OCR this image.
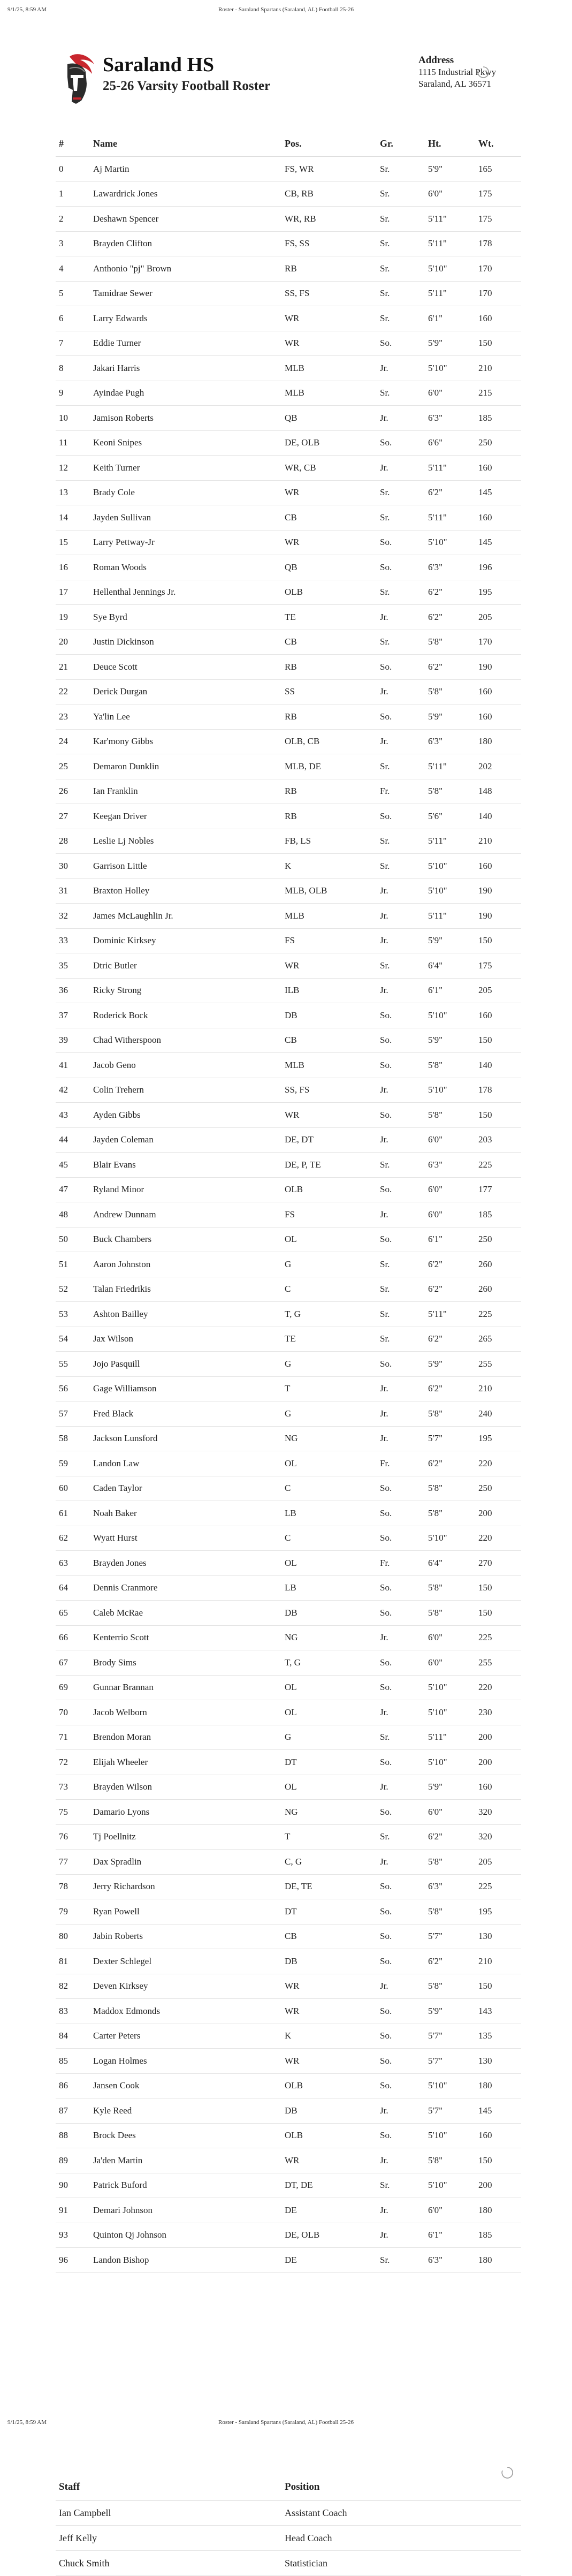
9/1/25, 8:59 AM	Roster - Saraland Spartans (Saraland, AL) Football 25-26
Saraland HS
25-26 Varsity Football Roster
Address
1115 Industrial Pkwy
Saraland, AL 36571
#	Name	Pos.	Gr.	Ht.	Wt.
0	Aj Martin	FS, WR	Sr.	5'9"	165
1	Lawardrick Jones	CB, RB	Sr.	6'0"	175
2	Deshawn Spencer	WR, RB	Sr.	5'11"	175
3	Brayden Clifton	FS, SS	Sr.	5'11"	178
4	Anthonio "pj" Brown	RB	Sr.	5'10"	170
5	Tamidrae Sewer	SS, FS	Sr.	5'11"	170
6	Larry Edwards	WR	Sr.	6'1"	160
7	Eddie Turner	WR	So.	5'9"	150
8	Jakari Harris	MLB	Jr.	5'10"	210
9	Ayindae Pugh	MLB	Sr.	6'0"	215
10	Jamison Roberts	QB	Jr.	6'3"	185
11	Keoni Snipes	DE, OLB	So.	6'6"	250
12	Keith Turner	WR, CB	Jr.	5'11"	160
13	Brady Cole	WR	Sr.	6'2"	145
14	Jayden Sullivan	CB	Sr.	5'11"	160
15	Larry Pettway-Jr	WR	So.	5'10"	145
16	Roman Woods	QB	So.	6'3"	196
17	Hellenthal Jennings Jr.	OLB	Sr.	6'2"	195
19	Sye Byrd	TE	Jr.	6'2"	205
20	Justin Dickinson	CB	Sr.	5'8"	170
21	Deuce Scott	RB	So.	6'2"	190
22	Derick Durgan	SS	Jr.	5'8"	160
23	Ya'lin Lee	RB	So.	5'9"	160
24	Kar'mony Gibbs	OLB, CB	Jr.	6'3"	180
25	Demaron Dunklin	MLB, DE	Sr.	5'11"	202
26	Ian Franklin	RB	Fr.	5'8"	148
27	Keegan Driver	RB	So.	5'6"	140
28	Leslie Lj Nobles	FB, LS	Sr.	5'11"	210
30	Garrison Little	K	Sr.	5'10"	160
31	Braxton Holley	MLB, OLB	Jr.	5'10"	190
32	James McLaughlin Jr.	MLB	Jr.	5'11"	190
33	Dominic Kirksey	FS	Jr.	5'9"	150
35	Dtric Butler	WR	Sr.	6'4"	175
36	Ricky Strong	ILB	Jr.	6'1"	205
37	Roderick Bock	DB	So.	5'10"	160
39	Chad Witherspoon	CB	So.	5'9"	150
41	Jacob Geno	MLB	So.	5'8"	140
42	Colin Trehern	SS, FS	Jr.	5'10"	178
43	Ayden Gibbs	WR	So.	5'8"	150
44	Jayden Coleman	DE, DT	Jr.	6'0"	203
45	Blair Evans	DE, P, TE	Sr.	6'3"	225
47	Ryland Minor	OLB	So.	6'0"	177
48	Andrew Dunnam	FS	Jr.	6'0"	185
50	Buck Chambers	OL	So.	6'1"	250
51	Aaron Johnston	G	Sr.	6'2"	260
52	Talan Friedrikis	C	Sr.	6'2"	260
53	Ashton Bailley	T, G	Sr.	5'11"	225
54	Jax Wilson	TE	Sr.	6'2"	265
55	Jojo Pasquill	G	So.	5'9"	255
56	Gage Williamson	T	Jr.	6'2"	210
57	Fred Black	G	Jr.	5'8"	240
58	Jackson Lunsford	NG	Jr.	5'7"	195
59	Landon Law	OL	Fr.	6'2"	220
60	Caden Taylor	C	So.	5'8"	250
61	Noah Baker	LB	So.	5'8"	200
62	Wyatt Hurst	C	So.	5'10"	220
63	Brayden Jones	OL	Fr.	6'4"	270
64	Dennis Cranmore	LB	So.	5'8"	150
65	Caleb McRae	DB	So.	5'8"	150
66	Kenterrio Scott	NG	Jr.	6'0"	225
67	Brody Sims	T, G	So.	6'0"	255
69	Gunnar Brannan	OL	So.	5'10"	220
70	Jacob Welborn	OL	Jr.	5'10"	230
71	Brendon Moran	G	Sr.	5'11"	200
72	Elijah Wheeler	DT	So.	5'10"	200
73	Brayden Wilson	OL	Jr.	5'9"	160
75	Damario Lyons	NG	So.	6'0"	320
76	Tj Poellnitz	T	Sr.	6'2"	320
77	Dax Spradlin	C, G	Jr.	5'8"	205
78	Jerry Richardson	DE, TE	So.	6'3"	225
79	Ryan Powell	DT	So.	5'8"	195
80	Jabin Roberts	CB	So.	5'7"	130
81	Dexter Schlegel	DB	So.	6'2"	210
82	Deven Kirksey	WR	Jr.	5'8"	150
83	Maddox Edmonds	WR	So.	5'9"	143
84	Carter Peters	K	So.	5'7"	135
85	Logan Holmes	WR	So.	5'7"	130
86	Jansen Cook	OLB	So.	5'10"	180
87	Kyle Reed	DB	Jr.	5'7"	145
88	Brock Dees	OLB	So.	5'10"	160
89	Ja'den Martin	WR	Jr.	5'8"	150
90	Patrick Buford	DT, DE	Sr.	5'10"	200
91	Demari Johnson	DE	Jr.	6'0"	180
93	Quinton Qj Johnson	DE, OLB	Jr.	6'1"	185
96	Landon Bishop	DE	Sr.	6'3"	180
9/1/25, 8:59 AM	Roster - Saraland Spartans (Saraland, AL) Football 25-26
Staff	Position
Ian Campbell	Assistant Coach
Jeff Kelly	Head Coach
Chuck Smith	Statistician
